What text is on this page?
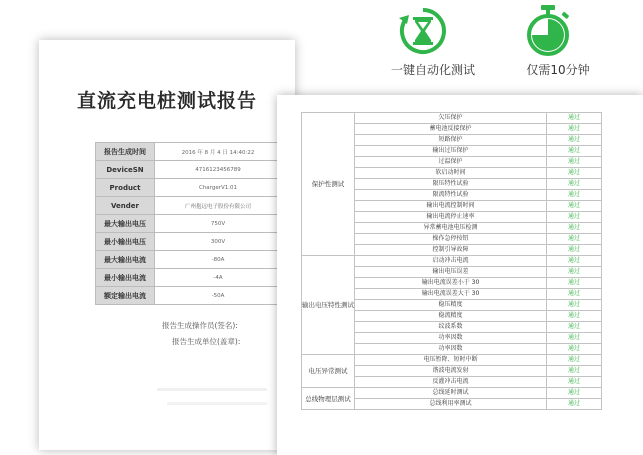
直流充电桩测试报告
报告生成时间	2016 年 8 月 4 日 14:40:22
DeviceSN	4716123456789
Product	ChargerV1.01
Vender	广州抱远电子股份有限公司
最大输出电压	750V
最小输出电压	300V
最大输出电流	-80A
最小输出电流	-4A
额定输出电流	-50A
报告生成操作员(签名):
报告生成单位(盖章):
一键自动化测试	仅需10分钟
保护性测试	欠压保护	通过
	蓄电池反接保护	通过
	短路保护	通过
	输出过压保护	通过
	过温保护	通过
	软启动时间	通过
	限压特性试验	通过
	限流特性试验	通过
	输出电流控制时间	通过
	输出电流停止速率	通过
	异常蓄电池电压检测	通过
	操作急停按钮	通过
	控制引导故障	通过
输出电压特性测试	启动冲击电流	通过
	输出电压误差	通过
	输出电流误差小于 30	通过
	输出电流误差大于 30	通过
	稳压精度	通过
	稳流精度	通过
	纹波系数	通过
	功率因数	通过
	功率因数	通过
电压异常测试	电压暂降、短时中断	通过
	谐波电流发射	通过
	反灌冲击电流	通过
总线物理层测试	总线延时测试	通过
	总线利用率测试	通过
